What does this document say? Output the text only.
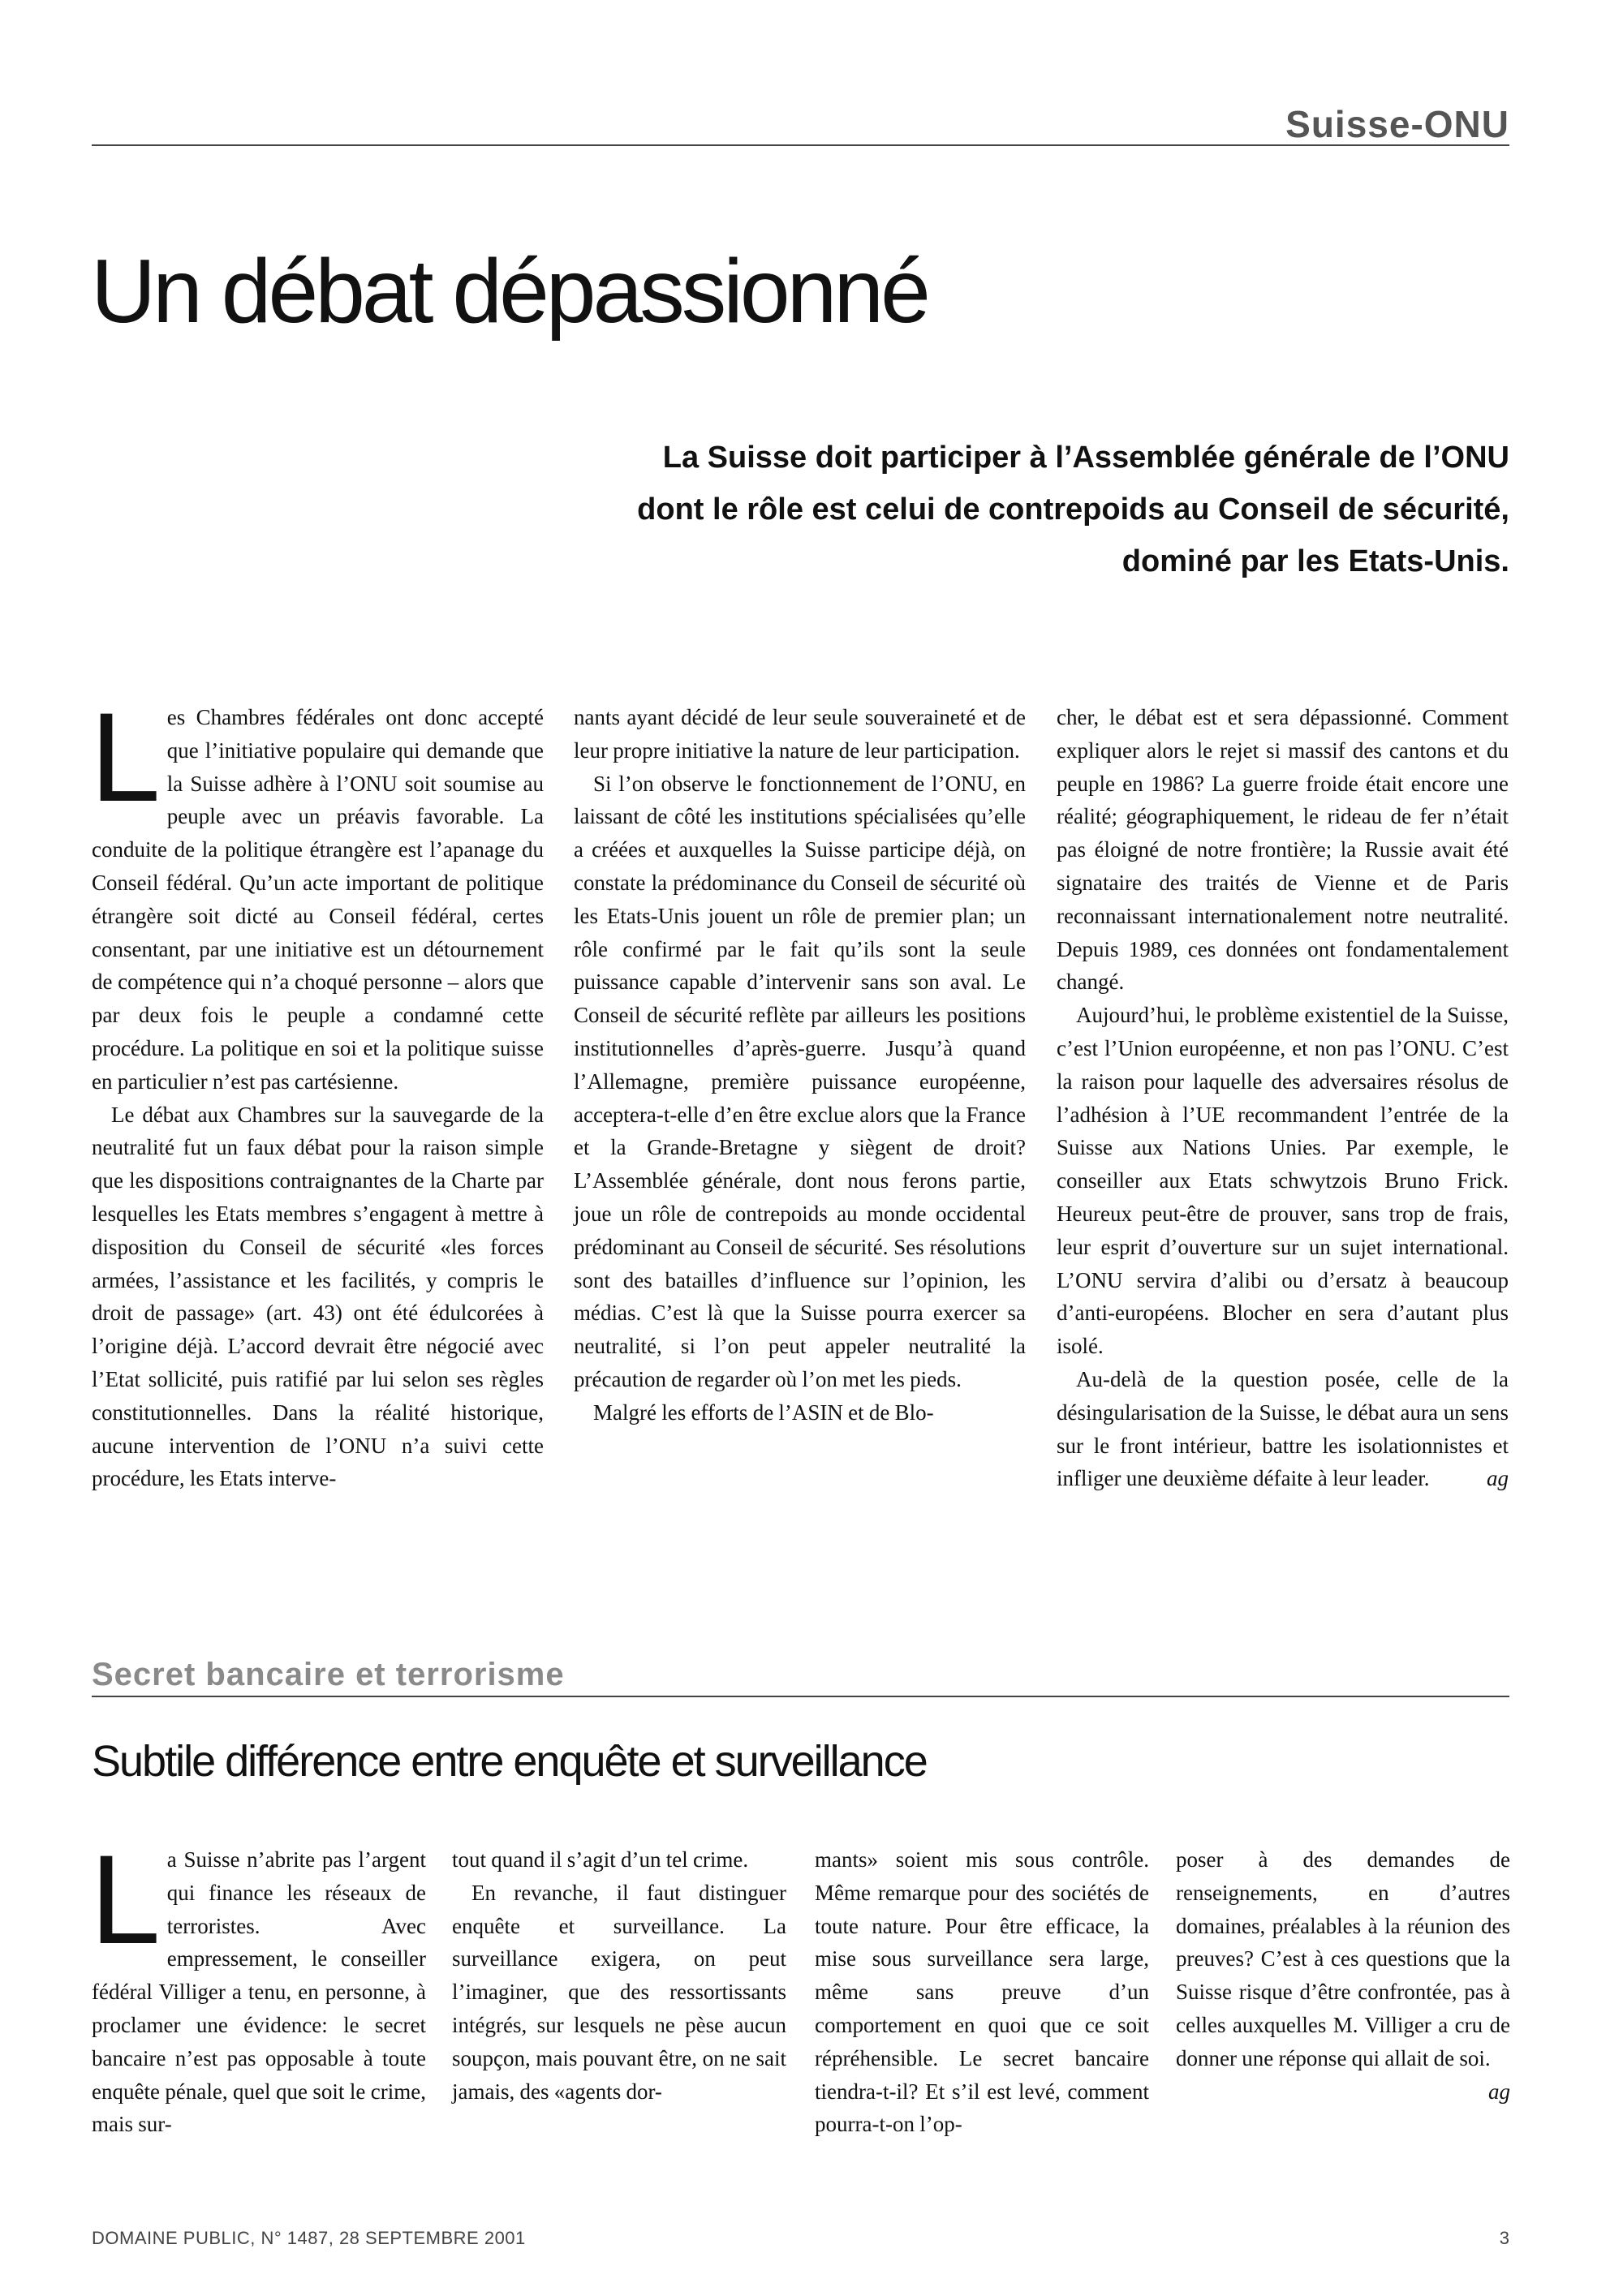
Suisse-ONU
Un débat dépassionné
La Suisse doit participer à l’Assemblée générale de l’ONU
dont le rôle est celui de contrepoids au Conseil de sécurité,
dominé par les Etats-Unis.

Les Chambres fédérales ont donc accepté que l’initiative populaire qui demande que la Suisse adhère à l’ONU soit soumise au peuple avec un préavis favorable. La conduite de la politique étrangère est l’apanage du Conseil fédéral. Qu’un acte important de politique étrangère soit dicté au Conseil fédéral, certes consentant, par une initiative est un détournement de compétence qui n’a choqué personne – alors que par deux fois le peuple a condamné cette procédure. La politique en soi et la politique suisse en particulier n’est pas cartésienne.

Le débat aux Chambres sur la sauvegarde de la neutralité fut un faux débat pour la raison simple que les dispositions contraignantes de la Charte par lesquelles les Etats membres s’engagent à mettre à disposition du Conseil de sécurité «les forces armées, l’assistance et les facilités, y compris le droit de passage» (art. 43) ont été édulcorées à l’origine déjà. L’accord devrait être négocié avec l’Etat sollicité, puis ratifié par lui selon ses règles constitutionnelles. Dans la réalité historique, aucune intervention de l’ONU n’a suivi cette procédure, les Etats interve-

nants ayant décidé de leur seule souveraineté et de leur propre initiative la nature de leur participation.

Si l’on observe le fonctionnement de l’ONU, en laissant de côté les institutions spécialisées qu’elle a créées et auxquelles la Suisse participe déjà, on constate la prédominance du Conseil de sécurité où les Etats-Unis jouent un rôle de premier plan; un rôle confirmé par le fait qu’ils sont la seule puissance capable d’intervenir sans son aval. Le Conseil de sécurité reflète par ailleurs les positions institutionnelles d’après-guerre. Jusqu’à quand l’Allemagne, première puissance européenne, acceptera-t-elle d’en être exclue alors que la France et la Grande-Bretagne y siègent de droit? L’Assemblée générale, dont nous ferons partie, joue un rôle de contrepoids au monde occidental prédominant au Conseil de sécurité. Ses résolutions sont des batailles d’influence sur l’opinion, les médias. C’est là que la Suisse pourra exercer sa neutralité, si l’on peut appeler neutralité la précaution de regarder où l’on met les pieds.

Malgré les efforts de l’ASIN et de Blo-

cher, le débat est et sera dépassionné. Comment expliquer alors le rejet si massif des cantons et du peuple en 1986? La guerre froide était encore une réalité; géographiquement, le rideau de fer n’était pas éloigné de notre frontière; la Russie avait été signataire des traités de Vienne et de Paris reconnaissant internationalement notre neutralité. Depuis 1989, ces données ont fondamentalement changé.

Aujourd’hui, le problème existentiel de la Suisse, c’est l’Union européenne, et non pas l’ONU. C’est la raison pour laquelle des adversaires résolus de l’adhésion à l’UE recommandent l’entrée de la Suisse aux Nations Unies. Par exemple, le conseiller aux Etats schwytzois Bruno Frick. Heureux peut-être de prouver, sans trop de frais, leur esprit d’ouverture sur un sujet international. L’ONU servira d’alibi ou d’ersatz à beaucoup d’anti-européens. Blocher en sera d’autant plus isolé.

Au-delà de la question posée, celle de la désingularisation de la Suisse, le débat aura un sens sur le front intérieur, battre les isolationnistes et infliger une deuxième défaite à leur leader.	ag

Secret bancaire et terrorisme
Subtile différence entre enquête et surveillance

La Suisse n’abrite pas l’argent qui finance les réseaux de terroristes. Avec empressement, le conseiller fédéral Villiger a tenu, en personne, à proclamer une évidence: le secret bancaire n’est pas opposable à toute enquête pénale, quel que soit le crime, mais sur-

tout quand il s’agit d’un tel crime.

En revanche, il faut distinguer enquête et surveillance. La surveillance exigera, on peut l’imaginer, que des ressortissants intégrés, sur lesquels ne pèse aucun soupçon, mais pouvant être, on ne sait jamais, des «agents dor-

mants» soient mis sous contrôle. Même remarque pour des sociétés de toute nature. Pour être efficace, la mise sous surveillance sera large, même sans preuve d’un comportement en quoi que ce soit répréhensible. Le secret bancaire tiendra-t-il? Et s’il est levé, comment pourra-t-on l’op-

poser à des demandes de renseignements, en d’autres domaines, préalables à la réunion des preuves? C’est à ces questions que la Suisse risque d’être confrontée, pas à celles auxquelles M. Villiger a cru de donner une réponse qui allait de soi.

ag
DOMAINE PUBLIC, N° 1487, 28 SEPTEMBRE 2001	3
